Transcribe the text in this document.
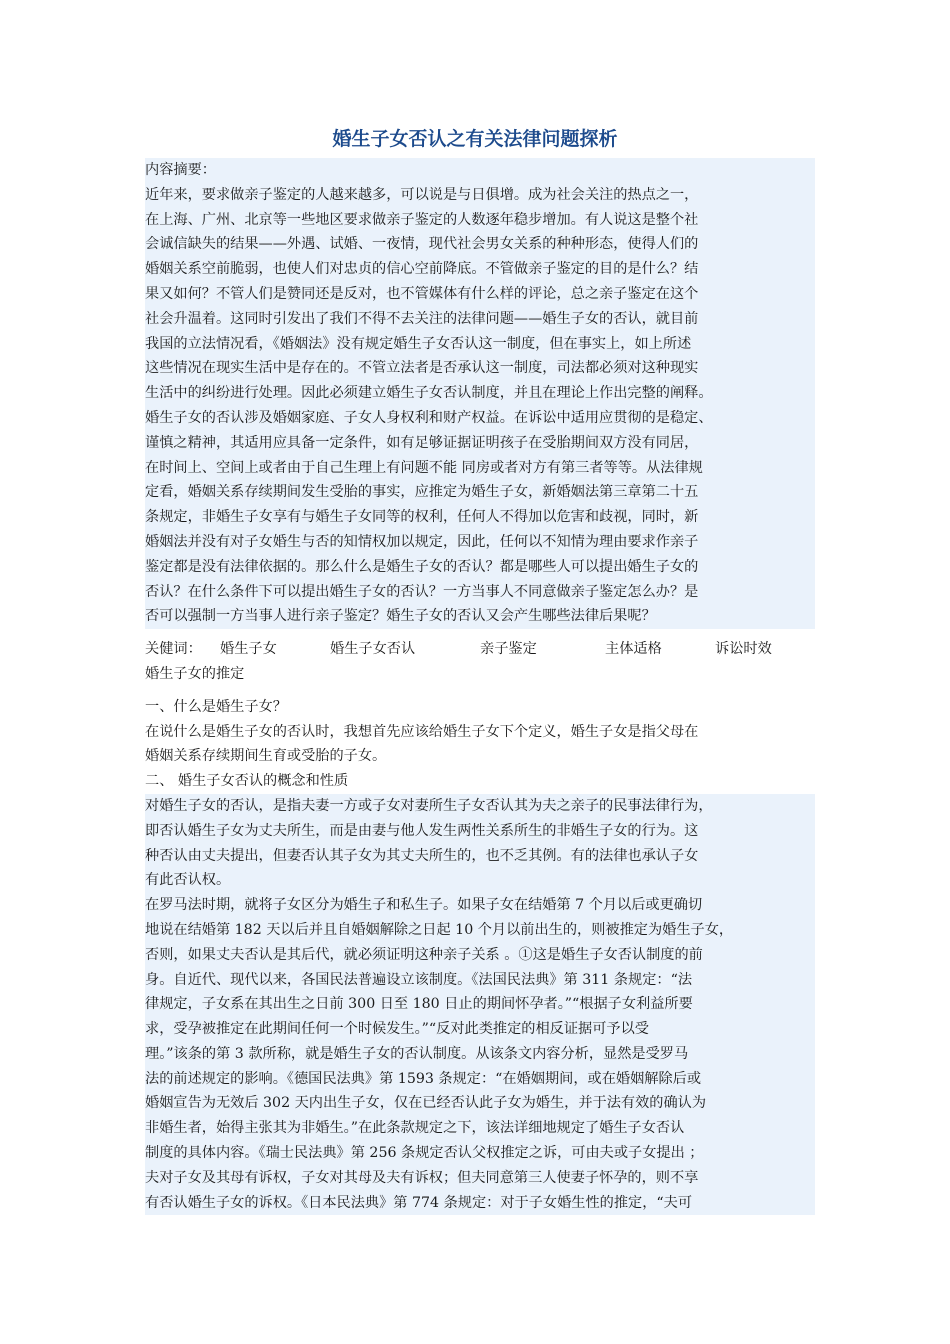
婚生子女否认之有关法律问题探析
内容摘要：
近年来，要求做亲子鉴定的人越来越多，可以说是与日俱增。成为社会关注的热点之一，
在上海、广州、北京等一些地区要求做亲子鉴定的人数逐年稳步增加。有人说这是整个社
会诚信缺失的结果——外遇、试婚、一夜情，现代社会男女关系的种种形态，使得人们的
婚姻关系空前脆弱，也使人们对忠贞的信心空前降底。不管做亲子鉴定的目的是什么？结
果又如何？不管人们是赞同还是反对，也不管媒体有什么样的评论，总之亲子鉴定在这个
社会升温着。这同时引发出了我们不得不去关注的法律问题——婚生子女的否认，就目前
我国的立法情况看，《婚姻法》没有规定婚生子女否认这一制度，但在事实上，如上所述
这些情况在现实生活中是存在的。不管立法者是否承认这一制度，司法都必须对这种现实
生活中的纠纷进行处理。因此必须建立婚生子女否认制度，并且在理论上作出完整的阐释。
婚生子女的否认涉及婚姻家庭、子女人身权利和财产权益。在诉讼中适用应贯彻的是稳定、
谨慎之精神，其适用应具备一定条件，如有足够证据证明孩子在受胎期间双方没有同居，
在时间上、空间上或者由于自己生理上有问题不能 同房或者对方有第三者等等。从法律规
定看，婚姻关系存续期间发生受胎的事实，应推定为婚生子女，新婚姻法第三章第二十五
条规定，非婚生子女享有与婚生子女同等的权利，任何人不得加以危害和歧视，同时，新
婚姻法并没有对子女婚生与否的知情权加以规定，因此，任何以不知情为理由要求作亲子
鉴定都是没有法律依据的。那么什么是婚生子女的否认？都是哪些人可以提出婚生子女的
否认？在什么条件下可以提出婚生子女的否认？一方当事人不同意做亲子鉴定怎么办？是
否可以强制一方当事人进行亲子鉴定？婚生子女的否认又会产生哪些法律后果呢？
关健词：	婚生子女	婚生子女否认	亲子鉴定	主体适格	诉讼时效
婚生子女的推定
一、什么是婚生子女？
在说什么是婚生子女的否认时，我想首先应该给婚生子女下个定义，婚生子女是指父母在
婚姻关系存续期间生育或受胎的子女。
二、 婚生子女否认的概念和性质
对婚生子女的否认，是指夫妻一方或子女对妻所生子女否认其为夫之亲子的民事法律行为，
即否认婚生子女为丈夫所生，而是由妻与他人发生两性关系所生的非婚生子女的行为。这
种否认由丈夫提出，但妻否认其子女为其丈夫所生的，也不乏其例。有的法律也承认子女
有此否认权。
在罗马法时期，就将子女区分为婚生子和私生子。如果子女在结婚第 7 个月以后或更确切
地说在结婚第 182 天以后并且自婚姻解除之日起 10 个月以前出生的，则被推定为婚生子女，
否则，如果丈夫否认是其后代，就必须证明这种亲子关系 。①这是婚生子女否认制度的前
身。自近代、现代以来，各国民法普遍设立该制度。《法国民法典》第 311 条规定：“法
律规定，子女系在其出生之日前 300 日至 180 日止的期间怀孕者。”“根据子女利益所要
求，受孕被推定在此期间任何一个时候发生。”“反对此类推定的相反证据可予以受
理。”该条的第 3 款所称，就是婚生子女的否认制度。从该条文内容分析，显然是受罗马
法的前述规定的影响。《德国民法典》第 1593 条规定：“在婚姻期间，或在婚姻解除后或
婚姻宣告为无效后 302 天内出生子女，仅在已经否认此子女为婚生，并于法有效的确认为
非婚生者，始得主张其为非婚生。”在此条款规定之下，该法详细地规定了婚生子女否认
制度的具体内容。《瑞士民法典》第 256 条规定否认父权推定之诉，可由夫或子女提出 ；
夫对子女及其母有诉权，子女对其母及夫有诉权；但夫同意第三人使妻子怀孕的，则不享
有否认婚生子女的诉权。《日本民法典》第 774 条规定：对于子女婚生性的推定，“夫可
